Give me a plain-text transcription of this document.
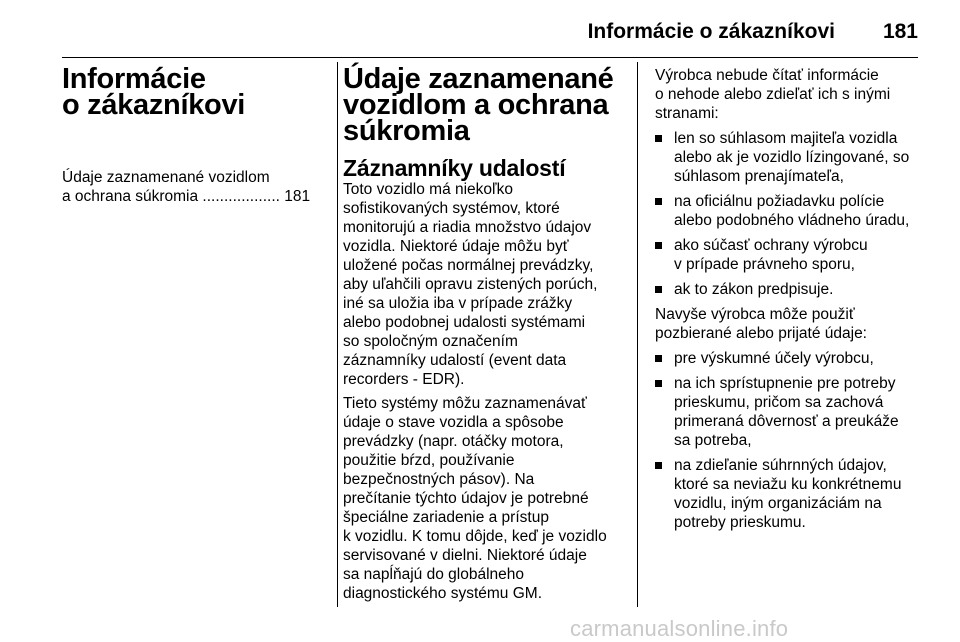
Informácie o zákazníkovi 181
Informácie
o zákazníkovi
Údaje zaznamenané vozidlom
a ochrana súkromia .................. 181
Údaje zaznamenané
vozidlom a ochrana
súkromia
Záznamníky udalostí
Toto vozidlo má niekoľko
sofistikovaných systémov, ktoré
monitorujú a riadia množstvo údajov
vozidla. Niektoré údaje môžu byť
uložené počas normálnej prevádzky,
aby uľahčili opravu zistených porúch,
iné sa uložia iba v prípade zrážky
alebo podobnej udalosti systémami
so spoločným označením
záznamníky udalostí (event data
recorders - EDR).
Tieto systémy môžu zaznamenávať
údaje o stave vozidla a spôsobe
prevádzky (napr. otáčky motora,
použitie bŕzd, používanie
bezpečnostných pásov). Na
prečítanie týchto údajov je potrebné
špeciálne zariadenie a prístup
k vozidlu. K tomu dôjde, keď je vozidlo
servisované v dielni. Niektoré údaje
sa napĺňajú do globálneho
diagnostického systému GM.
Výrobca nebude čítať informácie
o nehode alebo zdieľať ich s inými
stranami:
len so súhlasom majiteľa vozidla
alebo ak je vozidlo lízingované, so
súhlasom prenajímateľa,
na oficiálnu požiadavku polície
alebo podobného vládneho úradu,
ako súčasť ochrany výrobcu
v prípade právneho sporu,
ak to zákon predpisuje.
Navyše výrobca môže použiť
pozbierané alebo prijaté údaje:
pre výskumné účely výrobcu,
na ich sprístupnenie pre potreby
prieskumu, pričom sa zachová
primeraná dôvernosť a preukáže
sa potreba,
na zdieľanie súhrnných údajov,
ktoré sa neviažu ku konkrétnemu
vozidlu, iným organizáciám na
potreby prieskumu.
carmanualsonline.info
